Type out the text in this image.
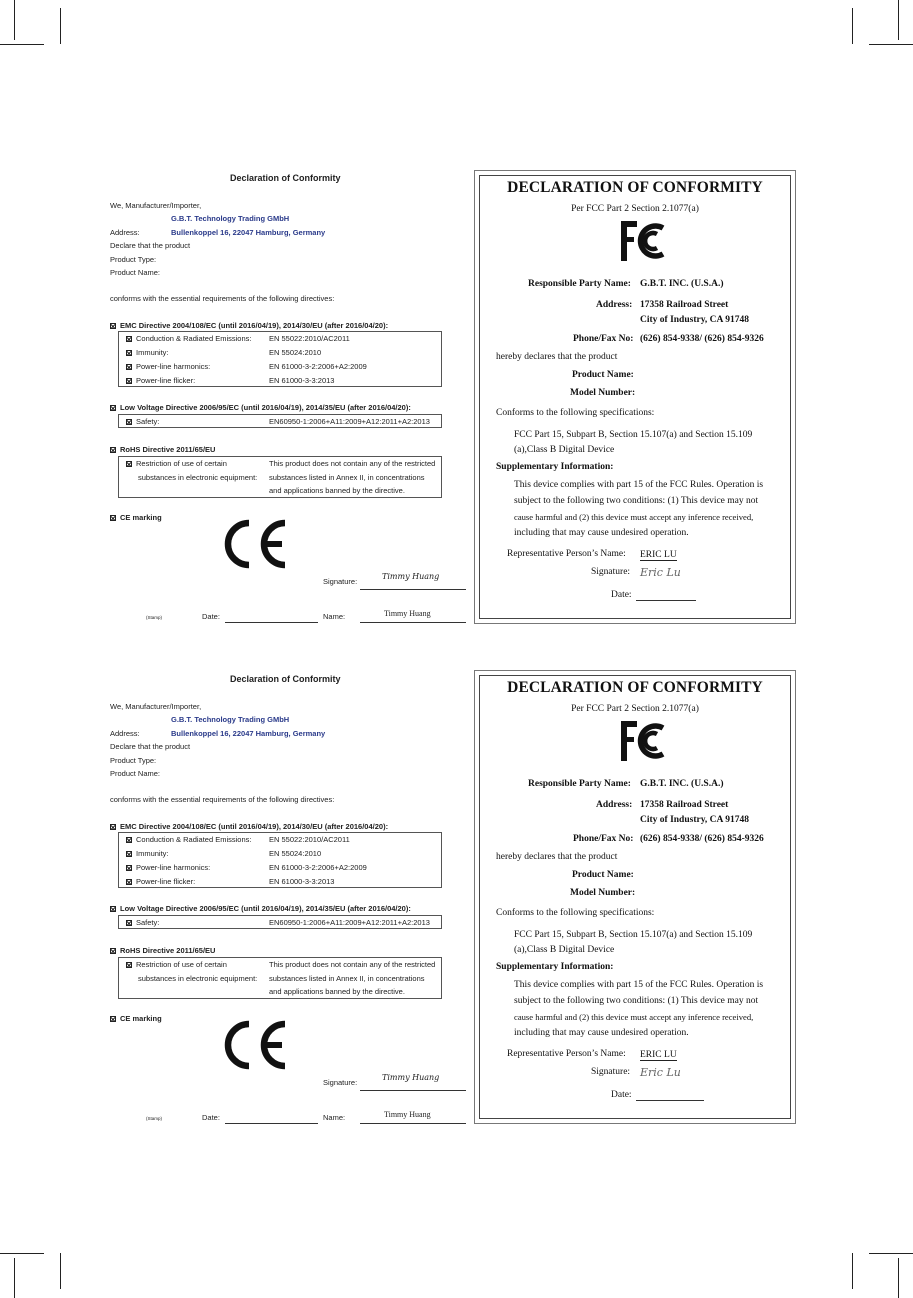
Declaration of Conformity
We, Manufacturer/Importer,
G.B.T. Technology Trading GMbH
Address:	Bullenkoppel 16, 22047 Hamburg, Germany
Declare that the product
Product Type:
Product Name:
conforms with the essential requirements of the following directives:
EMC Directive 2004/108/EC (until 2016/04/19), 2014/30/EU (after 2016/04/20):
Conduction & Radiated Emissions: EN 55022:2010/AC2011
Immunity:	EN 55024:2010
Power-line harmonics:	EN 61000-3-2:2006+A2:2009
Power-line flicker:	EN 61000-3-3:2013
Low Voltage Directive 2006/95/EC (until 2016/04/19), 2014/35/EU (after 2016/04/20):
Safety:	EN60950-1:2006+A11:2009+A12:2011+A2:2013
RoHS Directive 2011/65/EU
Restriction of use of certain
substances in electronic equipment:
This product does not contain any of the restricted
substances listed in Annex II, in concentrations
and applications banned by the directive.
CE marking
Signature:
Timmy Huang
(Stamp)	Date:	Name:	Timmy Huang
DECLARATION OF CONFORMITY
Per FCC Part 2 Section 2.1077(a)
Responsible Party Name: G.B.T. INC. (U.S.A.)
Address: 17358 Railroad Street
City of Industry, CA 91748
Phone/Fax No: (626) 854-9338/ (626) 854-9326
hereby declares that the product
Product Name:
Model Number:
Conforms to the following specifications:
FCC Part 15, Subpart B, Section 15.107(a) and Section 15.109
(a),Class B Digital Device
Supplementary Information:
This device complies with part 15 of the FCC Rules. Operation is
subject to the following two conditions: (1) This device may not
cause harmful and (2) this device must accept any inference received,
including that may cause undesired operation.
Representative Person’s Name: ERIC LU
Signature: Eric Lu
Date:
Declaration of Conformity
We, Manufacturer/Importer,
G.B.T. Technology Trading GMbH
Address:	Bullenkoppel 16, 22047 Hamburg, Germany
Declare that the product
Product Type:
Product Name:
conforms with the essential requirements of the following directives:
EMC Directive 2004/108/EC (until 2016/04/19), 2014/30/EU (after 2016/04/20):
Conduction & Radiated Emissions: EN 55022:2010/AC2011
Immunity:	EN 55024:2010
Power-line harmonics:	EN 61000-3-2:2006+A2:2009
Power-line flicker:	EN 61000-3-3:2013
Low Voltage Directive 2006/95/EC (until 2016/04/19), 2014/35/EU (after 2016/04/20):
Safety:	EN60950-1:2006+A11:2009+A12:2011+A2:2013
RoHS Directive 2011/65/EU
Restriction of use of certain
substances in electronic equipment:
This product does not contain any of the restricted
substances listed in Annex II, in concentrations
and applications banned by the directive.
CE marking
Signature:
Timmy Huang
(Stamp)	Date:	Name:	Timmy Huang
DECLARATION OF CONFORMITY
Per FCC Part 2 Section 2.1077(a)
Responsible Party Name: G.B.T. INC. (U.S.A.)
Address: 17358 Railroad Street
City of Industry, CA 91748
Phone/Fax No: (626) 854-9338/ (626) 854-9326
hereby declares that the product
Product Name:
Model Number:
Conforms to the following specifications:
FCC Part 15, Subpart B, Section 15.107(a) and Section 15.109
(a),Class B Digital Device
Supplementary Information:
This device complies with part 15 of the FCC Rules. Operation is
subject to the following two conditions: (1) This device may not
cause harmful and (2) this device must accept any inference received,
including that may cause undesired operation.
Representative Person’s Name: ERIC LU
Signature: Eric Lu
Date:
